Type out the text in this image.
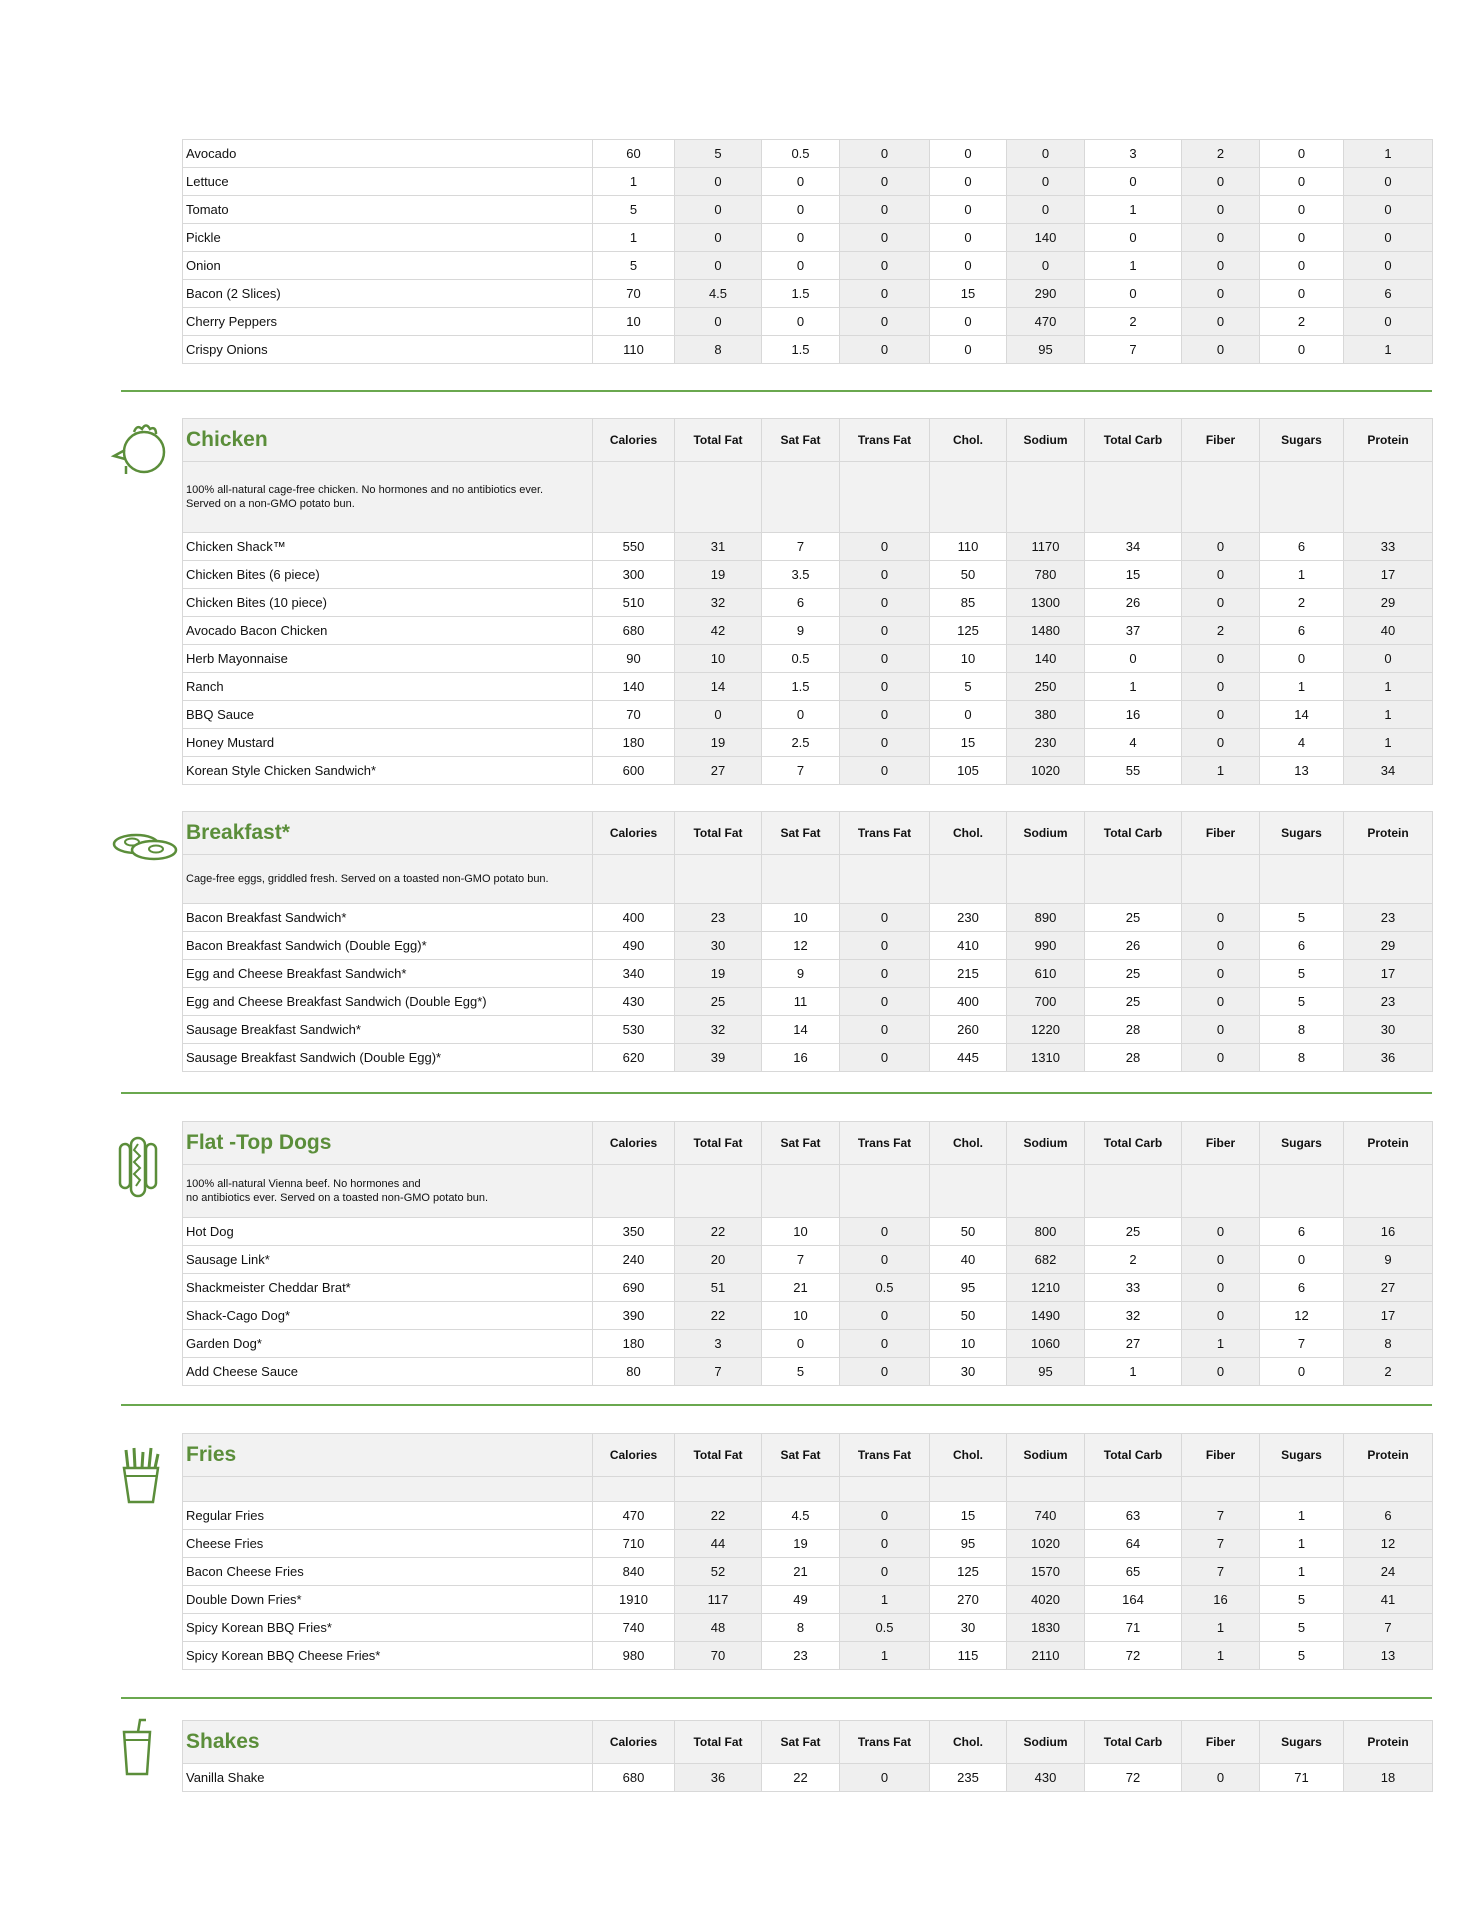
Avocado	60	5	0.5	0	0	0	3	2	0	1
Lettuce	1	0	0	0	0	0	0	0	0	0
Tomato	5	0	0	0	0	0	1	0	0	0
Pickle	1	0	0	0	0	140	0	0	0	0
Onion	5	0	0	0	0	0	1	0	0	0
Bacon (2 Slices)	70	4.5	1.5	0	15	290	0	0	0	6
Cherry Peppers	10	0	0	0	0	470	2	0	2	0
Crispy Onions	110	8	1.5	0	0	95	7	0	0	1
Chicken	Calories	Total Fat	Sat Fat	Trans Fat	Chol.	Sodium	Total Carb	Fiber	Sugars	Protein

100% all-natural cage-free chicken. No hormones and no antibiotics ever.
Served on a non-GMO potato bun.										

Chicken Shack™	550	31	7	0	110	1170	34	0	6	33
Chicken Bites (6 piece)	300	19	3.5	0	50	780	15	0	1	17
Chicken Bites (10 piece)	510	32	6	0	85	1300	26	0	2	29
Avocado Bacon Chicken	680	42	9	0	125	1480	37	2	6	40
Herb Mayonnaise	90	10	0.5	0	10	140	0	0	0	0
Ranch	140	14	1.5	0	5	250	1	0	1	1
BBQ Sauce	70	0	0	0	0	380	16	0	14	1
Honey Mustard	180	19	2.5	0	15	230	4	0	4	1
Korean Style Chicken Sandwich*	600	27	7	0	105	1020	55	1	13	34
Breakfast*	Calories	Total Fat	Sat Fat	Trans Fat	Chol.	Sodium	Total Carb	Fiber	Sugars	Protein

Cage-free eggs, griddled fresh. Served on a toasted non-GMO potato bun.										

Bacon Breakfast Sandwich*	400	23	10	0	230	890	25	0	5	23
Bacon Breakfast Sandwich (Double Egg)*	490	30	12	0	410	990	26	0	6	29
Egg and Cheese Breakfast Sandwich*	340	19	9	0	215	610	25	0	5	17
Egg and Cheese Breakfast Sandwich (Double Egg*)	430	25	11	0	400	700	25	0	5	23
Sausage Breakfast Sandwich*	530	32	14	0	260	1220	28	0	8	30
Sausage Breakfast Sandwich (Double Egg)*	620	39	16	0	445	1310	28	0	8	36
Flat -Top Dogs	Calories	Total Fat	Sat Fat	Trans Fat	Chol.	Sodium	Total Carb	Fiber	Sugars	Protein

100% all-natural Vienna beef. No hormones and
no antibiotics ever. Served on a toasted non-GMO potato bun.										

Hot Dog	350	22	10	0	50	800	25	0	6	16
Sausage Link*	240	20	7	0	40	682	2	0	0	9
Shackmeister Cheddar Brat*	690	51	21	0.5	95	1210	33	0	6	27
Shack-Cago Dog*	390	22	10	0	50	1490	32	0	12	17
Garden Dog*	180	3	0	0	10	1060	27	1	7	8
Add Cheese Sauce	80	7	5	0	30	95	1	0	0	2
Fries	Calories	Total Fat	Sat Fat	Trans Fat	Chol.	Sodium	Total Carb	Fiber	Sugars	Protein

Regular Fries	470	22	4.5	0	15	740	63	7	1	6
Cheese Fries	710	44	19	0	95	1020	64	7	1	12
Bacon Cheese Fries	840	52	21	0	125	1570	65	7	1	24
Double Down Fries*	1910	117	49	1	270	4020	164	16	5	41
Spicy Korean BBQ Fries*	740	48	8	0.5	30	1830	71	1	5	7
Spicy Korean BBQ Cheese Fries*	980	70	23	1	115	2110	72	1	5	13
Shakes	Calories	Total Fat	Sat Fat	Trans Fat	Chol.	Sodium	Total Carb	Fiber	Sugars	Protein
Vanilla Shake	680	36	22	0	235	430	72	0	71	18
